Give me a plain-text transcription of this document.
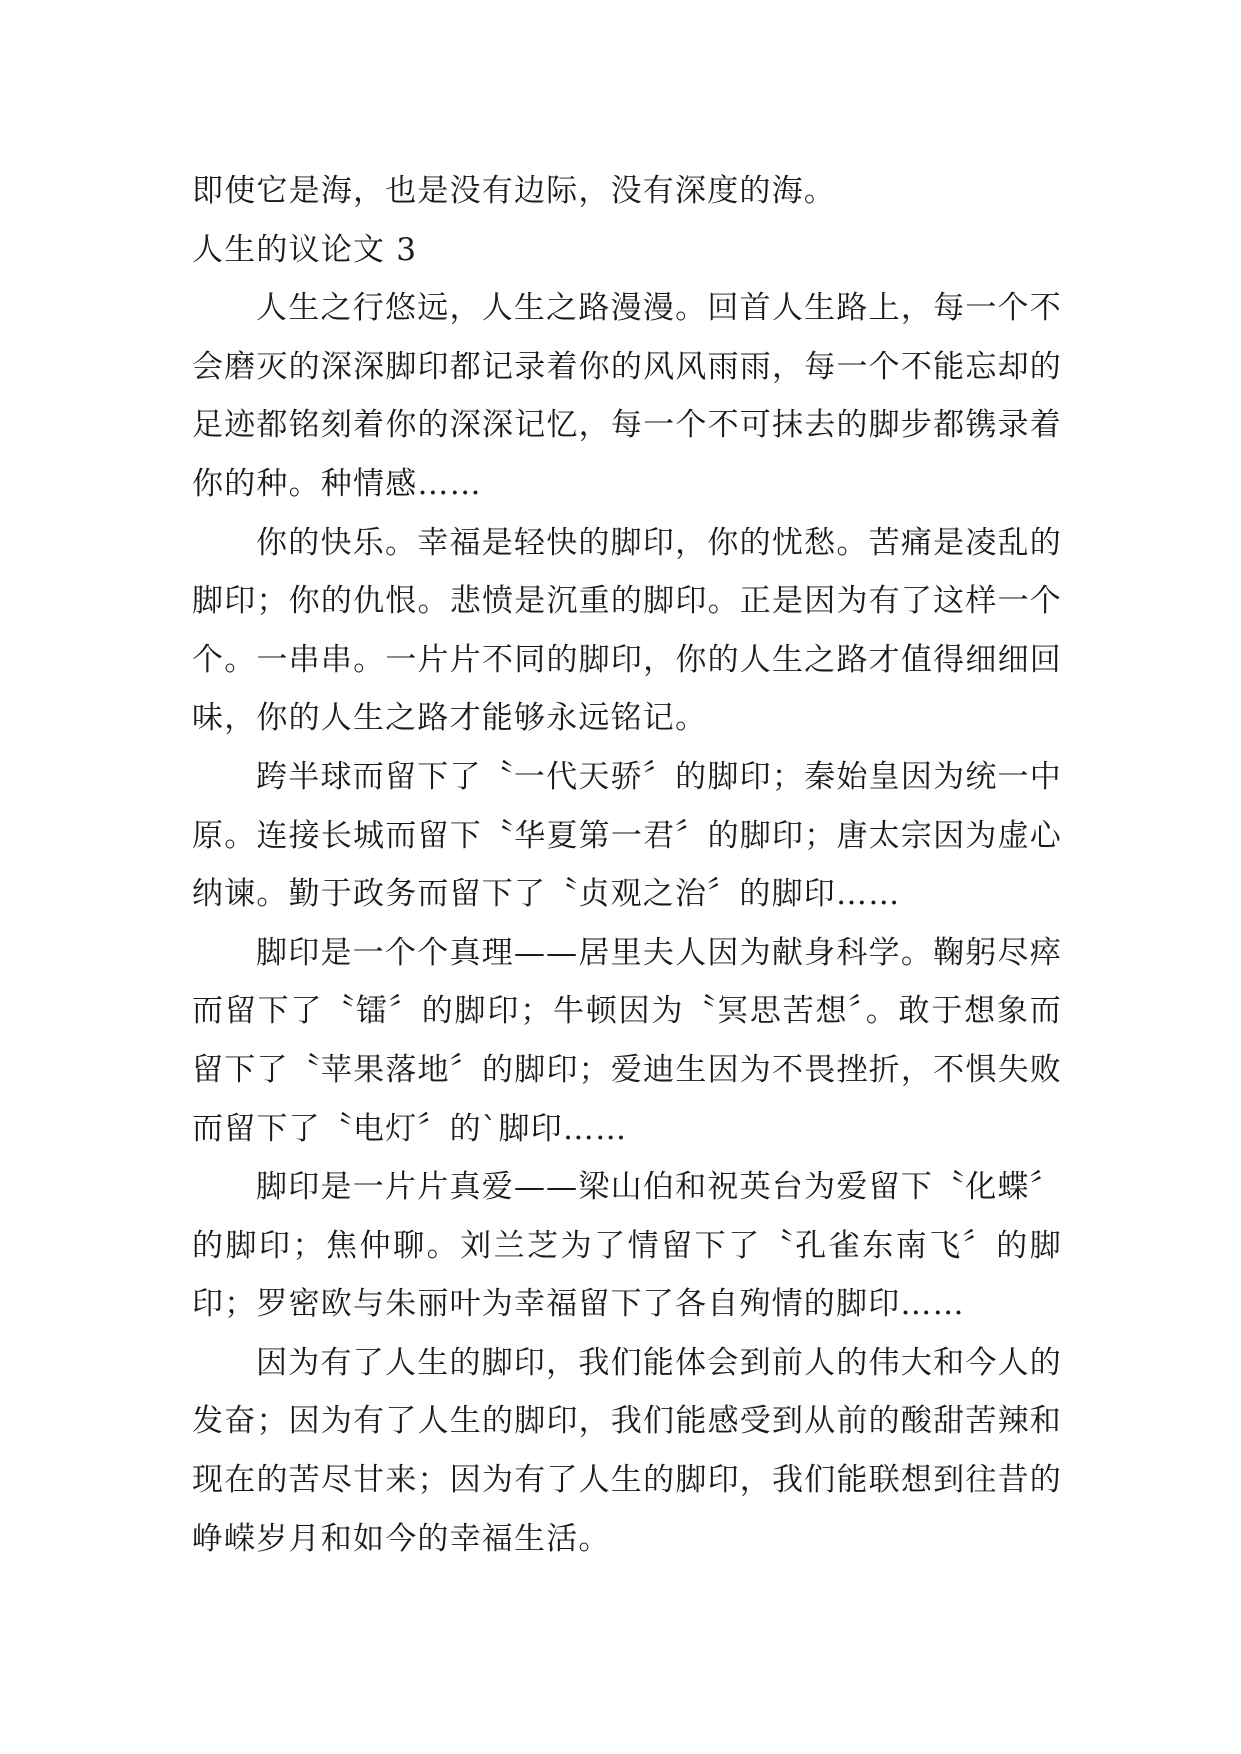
即使它是海，也是没有边际，没有深度的海。

人生的议论文 3

人生之行悠远，人生之路漫漫。回首人生路上，每一个不会磨灭的深深脚印都记录着你的风风雨雨，每一个不能忘却的足迹都铭刻着你的深深记忆，每一个不可抹去的脚步都镌录着你的种。种情感……

你的快乐。幸福是轻快的脚印，你的忧愁。苦痛是凌乱的脚印；你的仇恨。悲愤是沉重的脚印。正是因为有了这样一个个。一串串。一片片不同的脚印，你的人生之路才值得细细回味，你的人生之路才能够永远铭记。

跨半球而留下了〝一代天骄〞的脚印；秦始皇因为统一中原。连接长城而留下〝华夏第一君〞的脚印；唐太宗因为虚心纳谏。勤于政务而留下了〝贞观之治〞的脚印……

脚印是一个个真理——居里夫人因为献身科学。鞠躬尽瘁而留下了〝镭〞的脚印；牛顿因为〝冥思苦想〞。敢于想象而留下了〝苹果落地〞的脚印；爱迪生因为不畏挫折，不惧失败而留下了〝电灯〞的`脚印……

脚印是一片片真爱——梁山伯和祝英台为爱留下〝化蝶〞的脚印；焦仲聊。刘兰芝为了情留下了〝孔雀东南飞〞的脚印；罗密欧与朱丽叶为幸福留下了各自殉情的脚印……

因为有了人生的脚印，我们能体会到前人的伟大和今人的发奋；因为有了人生的脚印，我们能感受到从前的酸甜苦辣和现在的苦尽甘来；因为有了人生的脚印，我们能联想到往昔的峥嵘岁月和如今的幸福生活。
